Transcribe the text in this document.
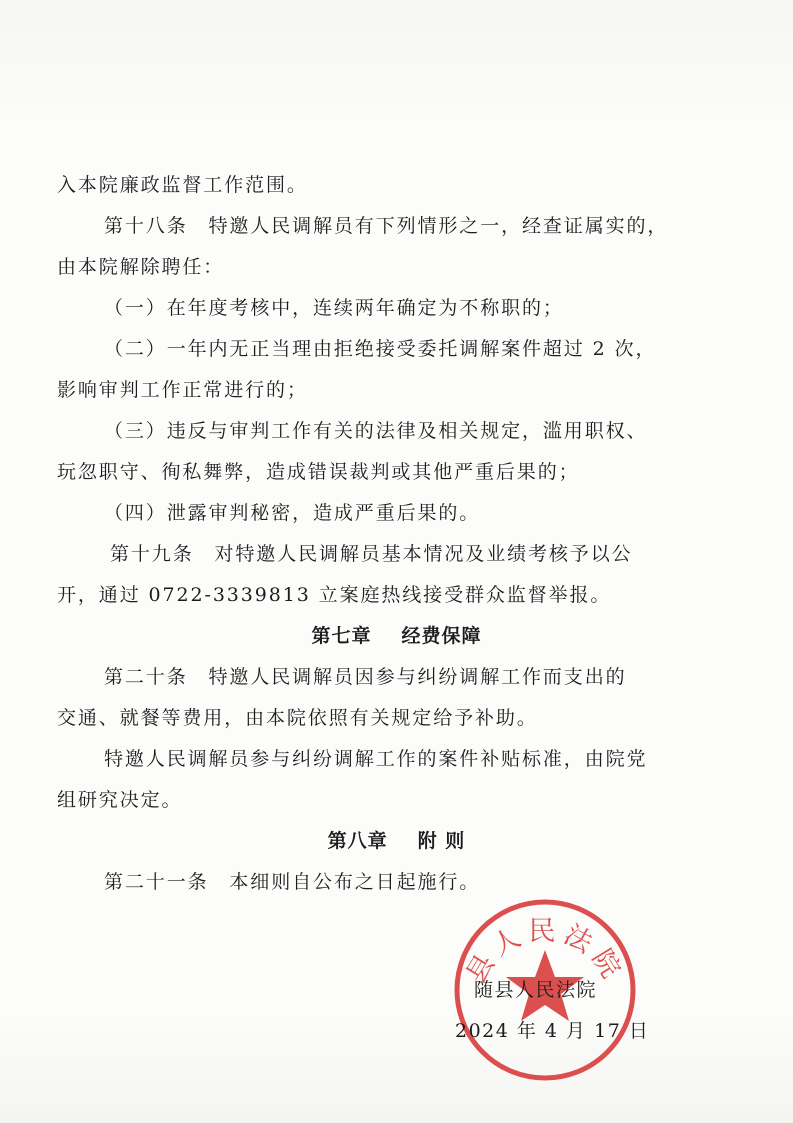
入本院廉政监督工作范围。
第十八条　特邀人民调解员有下列情形之一，经查证属实的，
由本院解除聘任：
（一）在年度考核中，连续两年确定为不称职的；
（二）一年内无正当理由拒绝接受委托调解案件超过 2 次，
影响审判工作正常进行的；
（三）违反与审判工作有关的法律及相关规定，滥用职权、
玩忽职守、徇私舞弊，造成错误裁判或其他严重后果的；
（四）泄露审判秘密，造成严重后果的。
第十九条　对特邀人民调解员基本情况及业绩考核予以公
开，通过 0722-3339813 立案庭热线接受群众监督举报。
第七章 经费保障
第二十条　特邀人民调解员因参与纠纷调解工作而支出的
交通、就餐等费用，由本院依照有关规定给予补助。
特邀人民调解员参与纠纷调解工作的案件补贴标准，由院党
组研究决定。
第八章 附 则
第二十一条　本细则自公布之日起施行。
县人民法院
随县人民法院
2024 年 4 月 17 日
